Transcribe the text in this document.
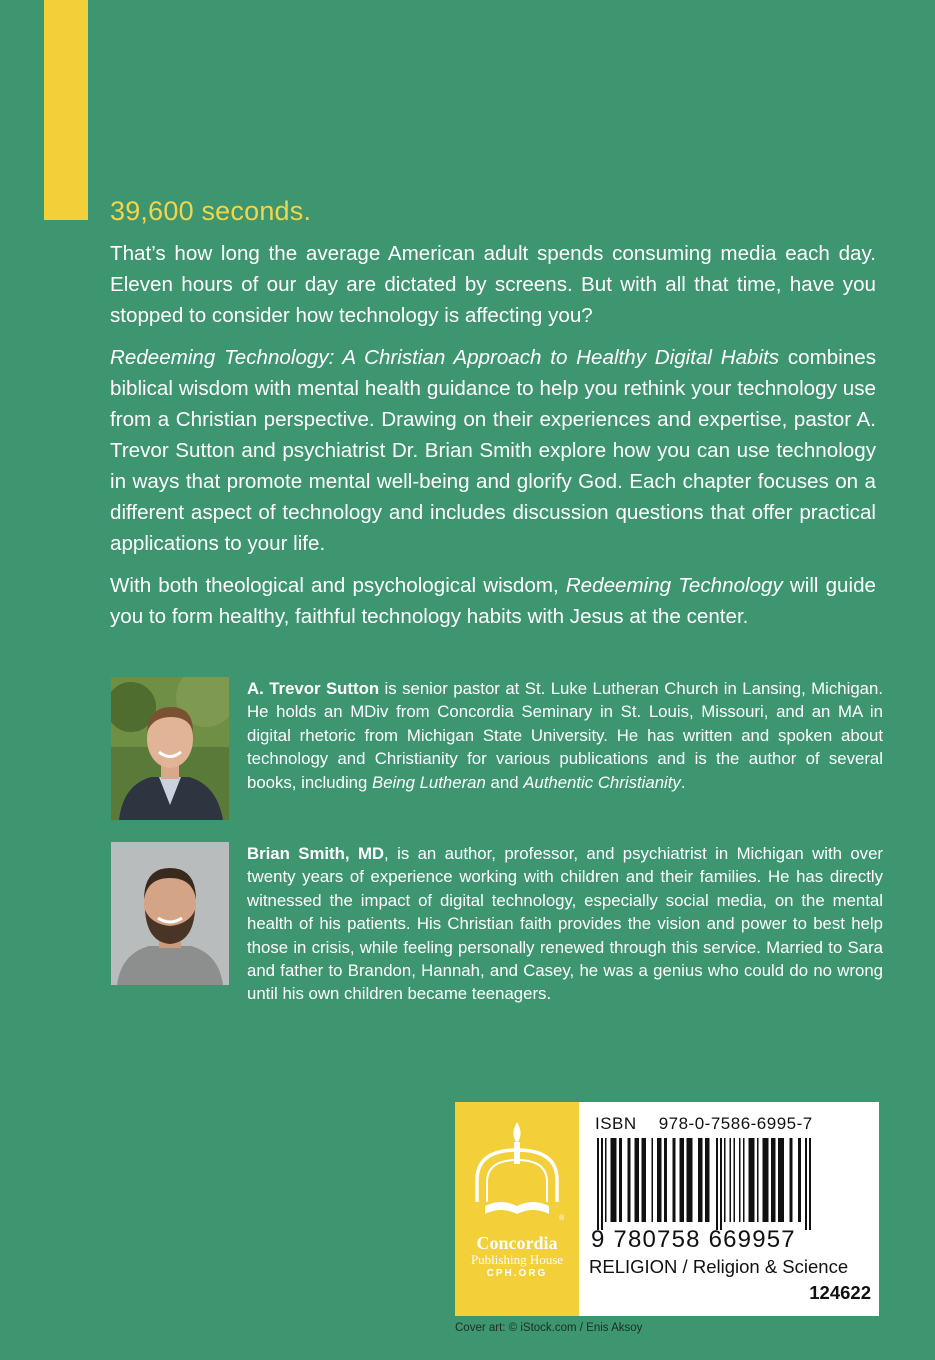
39,600 seconds.

That’s how long the average American adult spends consuming media each day. Eleven hours of our day are dictated by screens. But with all that time, have you stopped to consider how technology is affecting you?

Redeeming Technology: A Christian Approach to Healthy Digital Habits combines biblical wisdom with mental health guidance to help you rethink your technology use from a Christian perspective. Drawing on their experiences and expertise, pastor A. Trevor Sutton and psychiatrist Dr. Brian Smith explore how you can use technology in ways that promote mental well-being and glorify God. Each chapter focuses on a different aspect of technology and includes discussion questions that offer practical applications to your life.

With both theological and psychological wisdom, Redeeming Technology will guide you to form healthy, faithful technology habits with Jesus at the center.

A. Trevor Sutton is senior pastor at St. Luke Lutheran Church in Lansing, Michigan. He holds an MDiv from Concordia Seminary in St. Louis, Missouri, and an MA in digital rhetoric from Michigan State University. He has written and spoken about technology and Christianity for various publications and is the author of several books, including Being Lutheran and Authentic Christianity.

Brian Smith, MD, is an author, professor, and psychiatrist in Michigan with over twenty years of experience working with children and their families. He has directly witnessed the impact of digital technology, especially social media, on the mental health of his patients. His Christian faith provides the vision and power to best help those in crisis, while feeling personally renewed through this service. Married to Sara and father to Brandon, Hannah, and Casey, he was a genius who could do no wrong until his own children became teenagers.

®
Concordia
Publishing House
CPH.ORG
ISBN 978-0-7586-6995-7
9 780758 669957
RELIGION / Religion & Science
124622
Cover art: © iStock.com / Enis Aksoy
